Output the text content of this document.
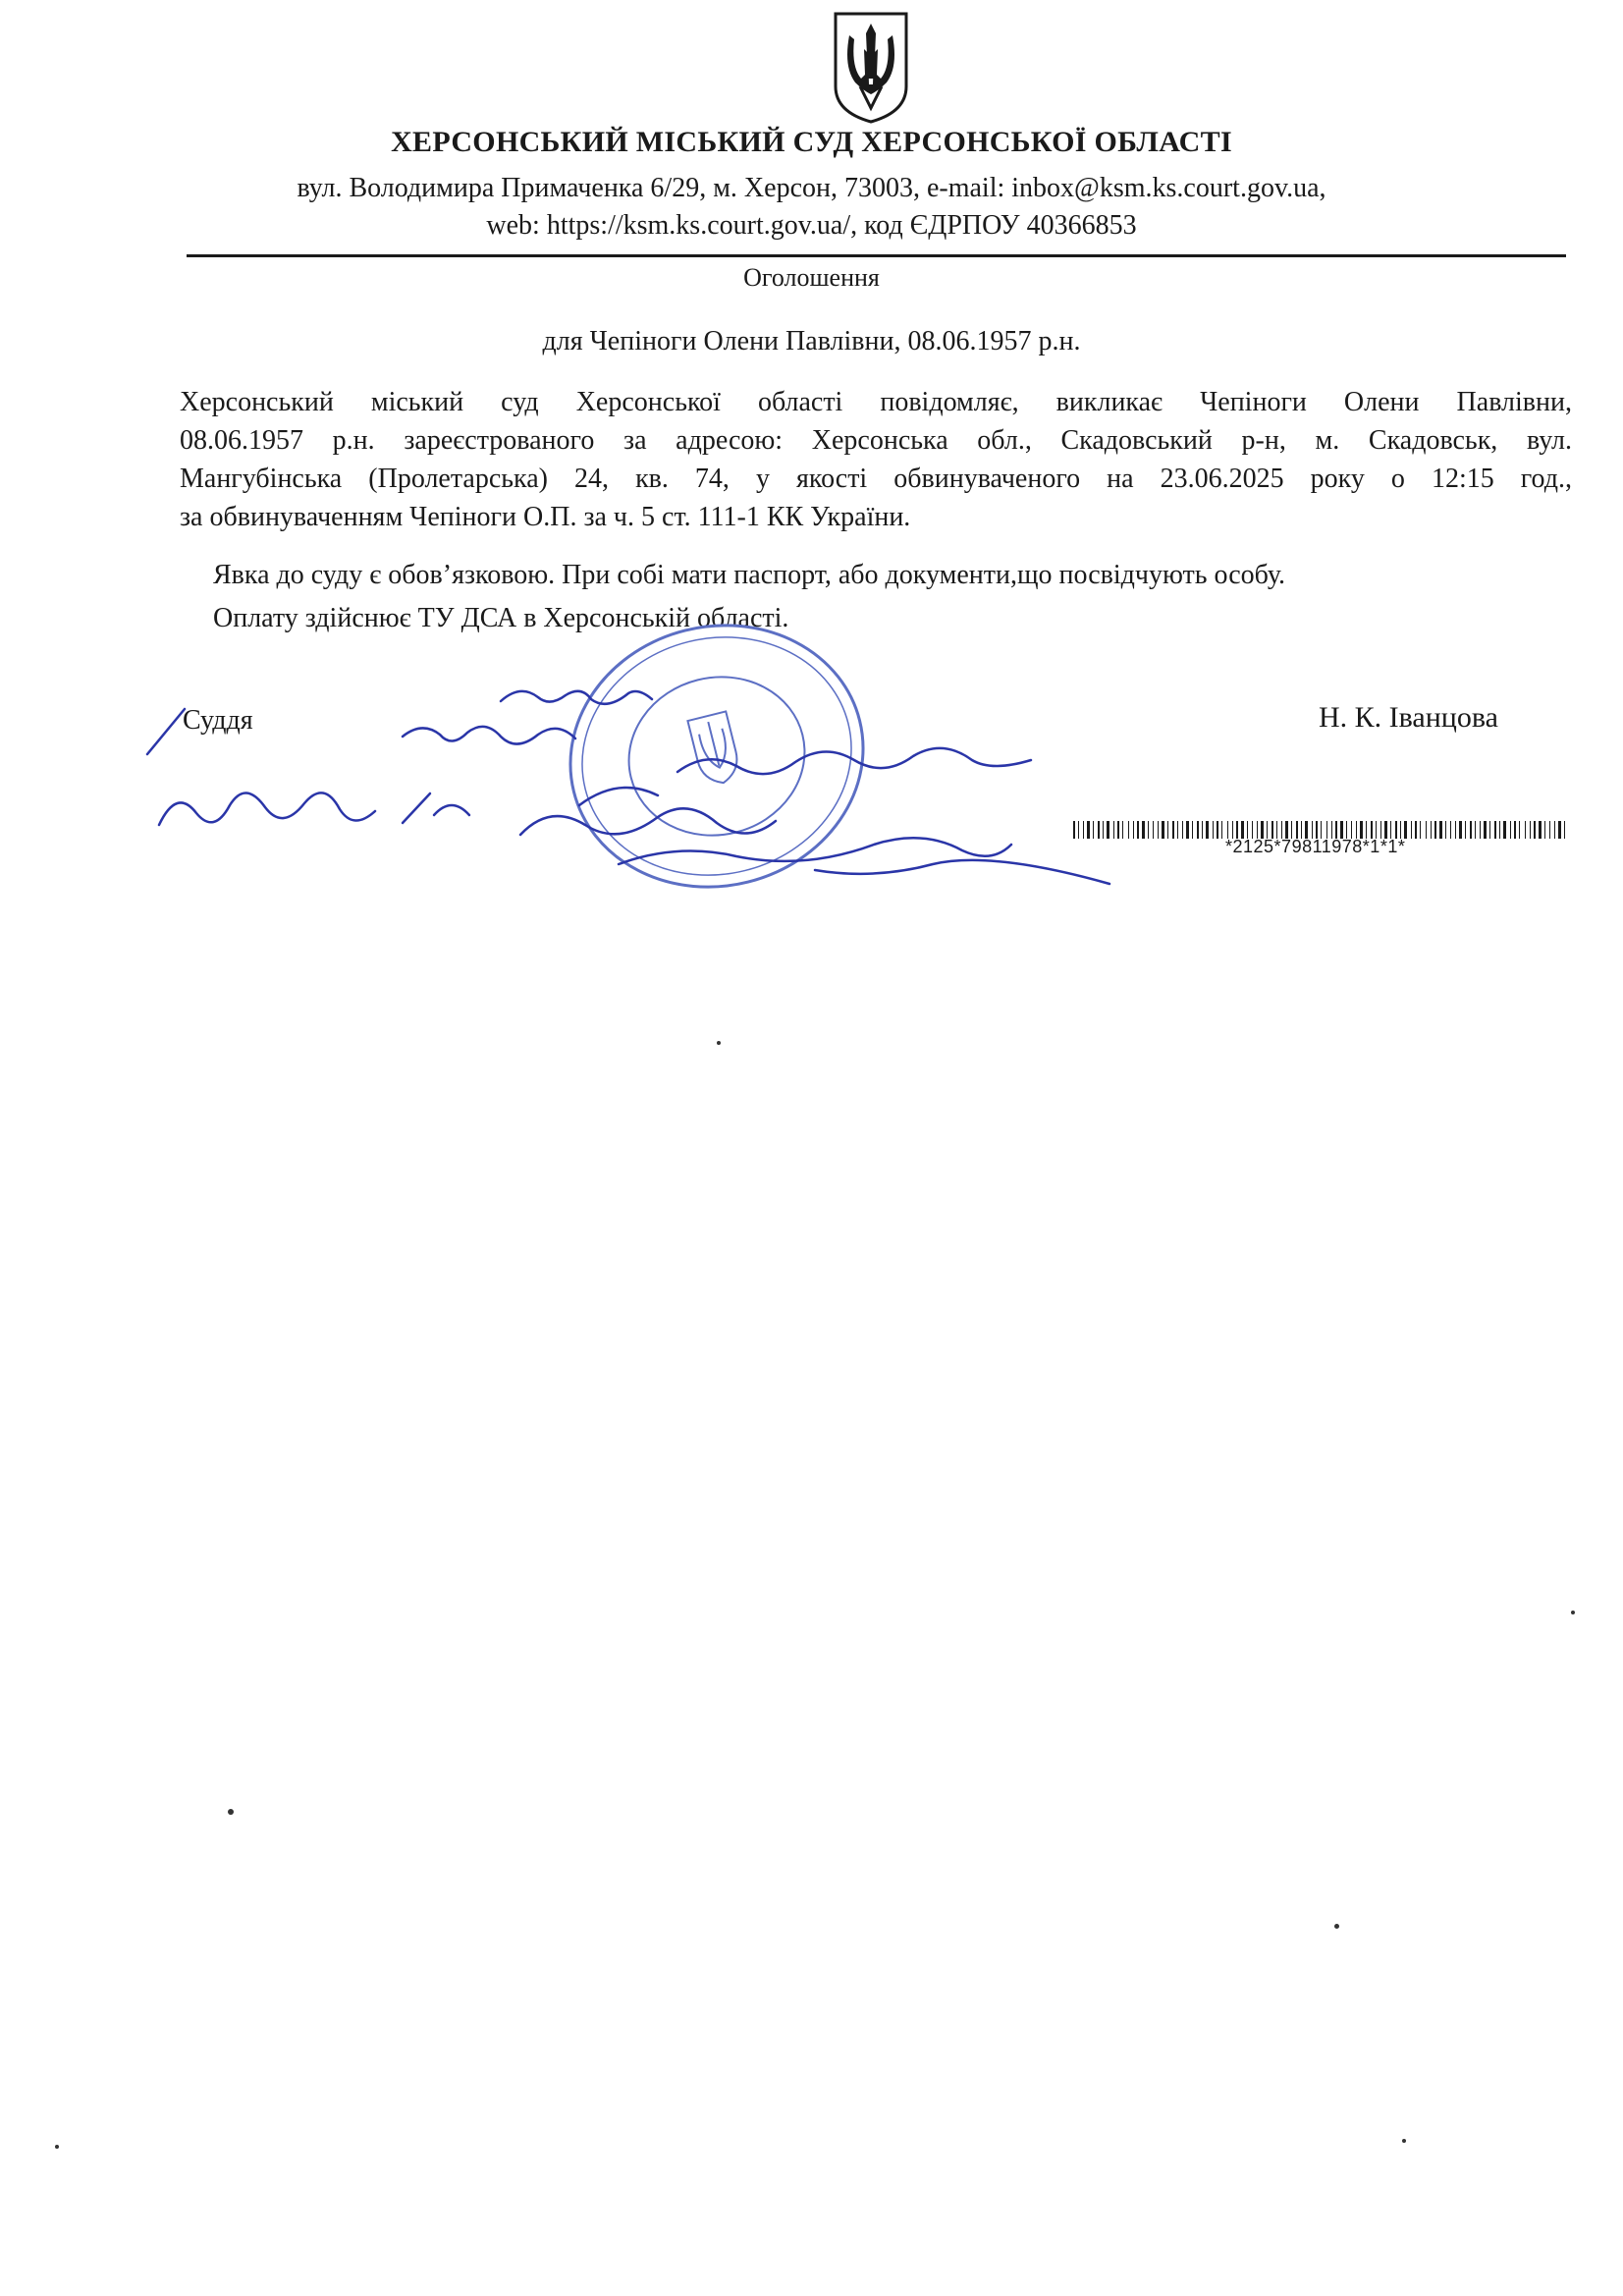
ХЕРСОНСЬКИЙ МІСЬКИЙ СУД ХЕРСОНСЬКОЇ ОБЛАСТІ
вул. Володимира Примаченка 6/29, м. Херсон, 73003, e-mail: inbox@ksm.ks.court.gov.ua,
web: https://ksm.ks.court.gov.ua/, код ЄДРПОУ 40366853
Оголошення
для Чепіноги Олени Павлівни, 08.06.1957 р.н.
Херсонський міський суд Херсонської області повідомляє, викликає Чепіноги Олени Павлівни,
08.06.1957 р.н. зареєстрованого за адресою: Херсонська обл., Скадовський р-н, м. Скадовськ, вул.
Мангубінська (Пролетарська) 24, кв. 74, у якості обвинуваченого на 23.06.2025 року о 12:15 год.,
за обвинуваченням Чепіноги О.П. за ч. 5 ст. 111-1 КК України.
Явка до суду є обов’язковою. При собі мати паспорт, або документи,що посвідчують особу.
Оплату здійснює ТУ ДСА в Херсонській області.
Суддя	Н. К. Іванцова
*2125*79811978*1*1*
